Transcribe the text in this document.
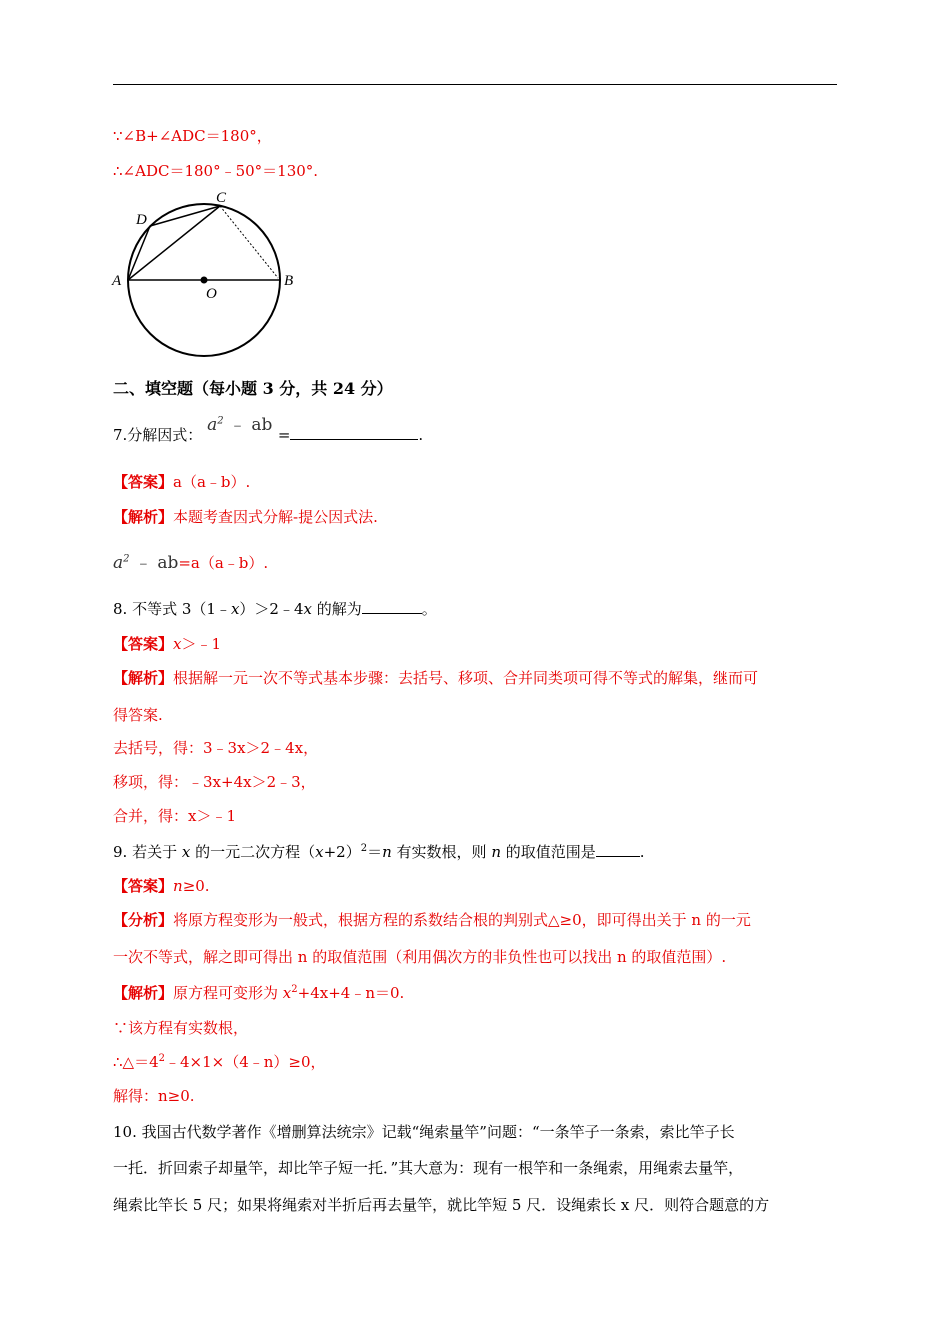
∵∠B+∠ADC＝180°，
∴∠ADC＝180°﹣50°＝130°.
A	B
C
D
O
二、填空题（每小题 3 分，共 24 分）
7.分解因式： $a^2$ ﹣ ab =	.
【答案】a（a﹣b）.
【解析】本题考查因式分解-提公因式法.
$a^2$ ﹣ ab=a（a﹣b）.
8. 不等式 3（1﹣x）＞2﹣4x 的解为	。
【答案】x＞﹣1
【解析】根据解一元一次不等式基本步骤：去括号、移项、合并同类项可得不等式的解集，继而可
得答案.
去括号，得：3﹣3x＞2﹣4x，
移项，得：﹣3x+4x＞2﹣3，
合并，得：x＞﹣1
9. 若关于 x 的一元二次方程$(x+2)^2=n$ 有实数根，则 n 的取值范围是	.
【答案】n≥0.
【分析】将原方程变形为一般式，根据方程的系数结合根的判别式△≥0，即可得出关于 n 的一元
一次不等式，解之即可得出 n 的取值范围（利用偶次方的非负性也可以找出 n 的取值范围）.
【解析】原方程可变形为 $x^2+4x+4﹣n=0$.
∵该方程有实数根，
$\therefore\triangle=4^2﹣4\times 1\times(4﹣n)\ge 0$，
解得：n≥0.
10. 我国古代数学著作《增删算法统宗》记载“绳索量竿”问题：“一条竿子一条索，索比竿子长
一托．折回索子却量竿，却比竿子短一托．”其大意为：现有一根竿和一条绳索，用绳索去量竿，
绳索比竿长 5 尺；如果将绳索对半折后再去量竿，就比竿短 5 尺．设绳索长 x 尺．则符合题意的方
